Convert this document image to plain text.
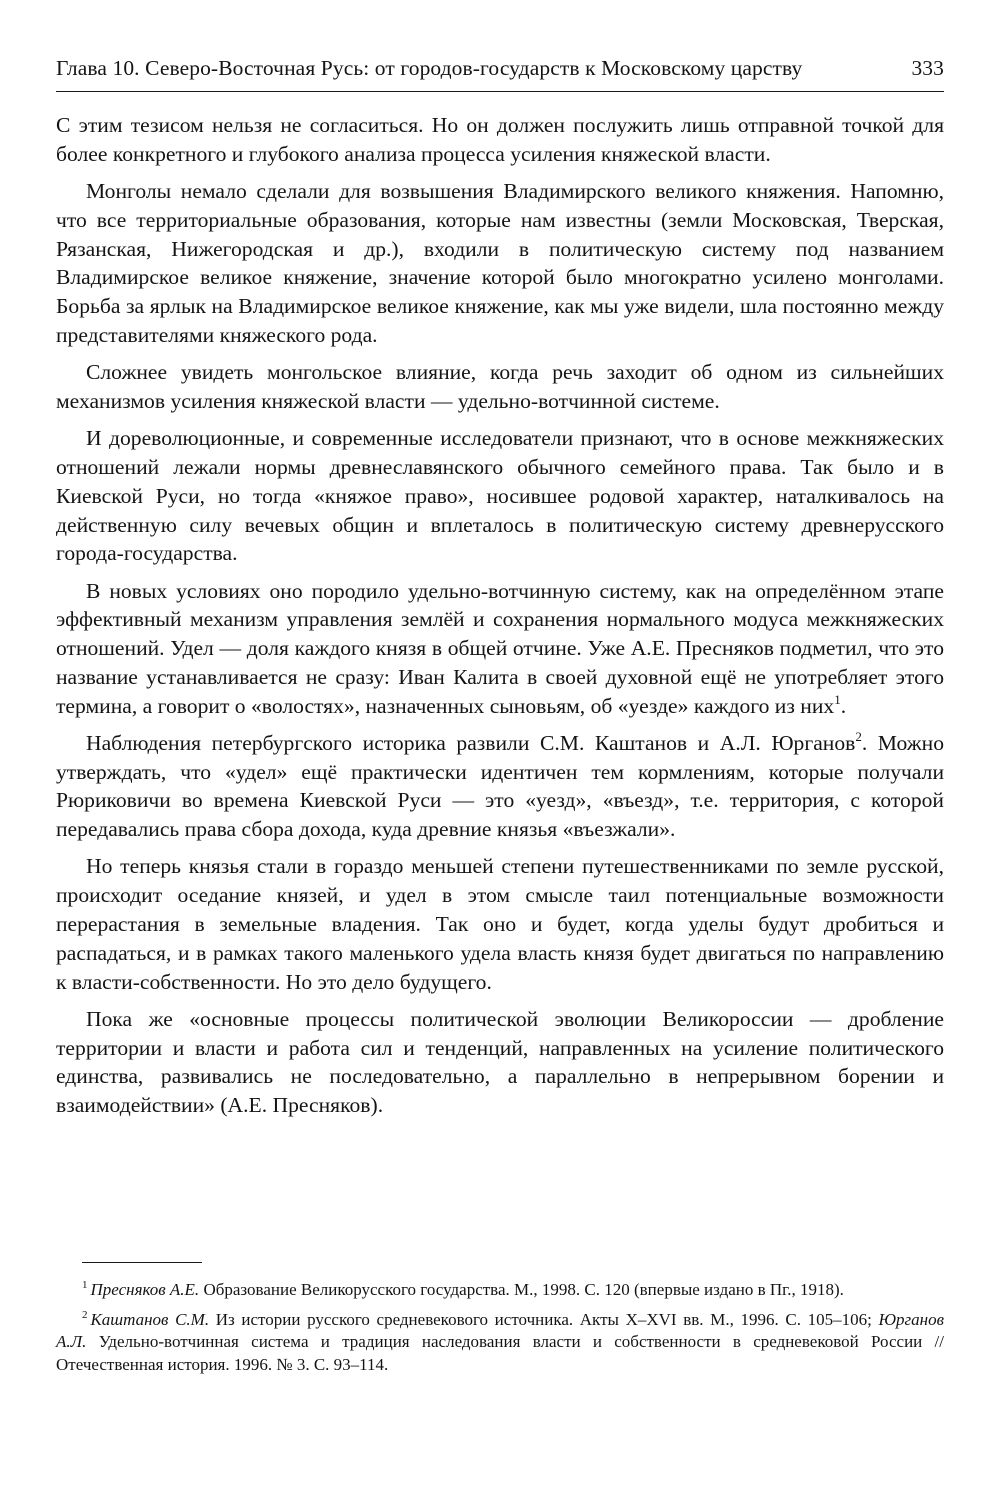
Глава 10. Северо-Восточная Русь: от городов-государств к Московскому царству	333

С этим тезисом нельзя не согласиться. Но он должен послужить лишь отправной точкой для более конкретного и глубокого анализа процесса усиления княжеской власти.

Монголы немало сделали для возвышения Владимирского великого княжения. Напомню, что все территориальные образования, которые нам известны (земли Московская, Тверская, Рязанская, Нижегородская и др.), входили в политическую систему под названием Владимирское великое княжение, значение которой было многократно усилено монголами. Борьба за ярлык на Владимирское великое княжение, как мы уже видели, шла постоянно между представителями княжеского рода.

Сложнее увидеть монгольское влияние, когда речь заходит об одном из сильнейших механизмов усиления княжеской власти — удельно-вотчинной системе.

И дореволюционные, и современные исследователи признают, что в основе межкняжеских отношений лежали нормы древнеславянского обычного семейного права. Так было и в Киевской Руси, но тогда «княжое право», носившее родовой характер, наталкивалось на действенную силу вечевых общин и вплеталось в политическую систему древнерусского города-государства.

В новых условиях оно породило удельно-вотчинную систему, как на определённом этапе эффективный механизм управления землёй и сохранения нормального модуса межкняжеских отношений. Удел — доля каждого князя в общей отчине. Уже А.Е. Пресняков подметил, что это название устанавливается не сразу: Иван Калита в своей духовной ещё не употребляет этого термина, а говорит о «волостях», назначенных сыновьям, об «уезде» каждого из них$^1$.

Наблюдения петербургского историка развили С.М. Каштанов и А.Л. Юрганов$^2$. Можно утверждать, что «удел» ещё практически идентичен тем кормлениям, которые получали Рюриковичи во времена Киевской Руси — это «уезд», «въезд», т.е. территория, с которой передавались права сбора дохода, куда древние князья «въезжали».

Но теперь князья стали в гораздо меньшей степени путешественниками по земле русской, происходит оседание князей, и удел в этом смысле таил потенциальные возможности перерастания в земельные владения. Так оно и будет, когда уделы будут дробиться и распадаться, и в рамках такого маленького удела власть князя будет двигаться по направлению к власти-собственности. Но это дело будущего.

Пока же «основные процессы политической эволюции Великороссии — дробление территории и власти и работа сил и тенденций, направленных на усиление политического единства, развивались не последовательно, а параллельно в непрерывном борении и взаимодействии» (А.Е. Пресняков).

$^1$ Пресняков А.Е. Образование Великорусского государства. М., 1998. С. 120 (впервые издано в Пг., 1918).

$^2$ Каштанов С.М. Из истории русского средневекового источника. Акты X–XVI вв. М., 1996. С. 105–106; Юрганов А.Л. Удельно-вотчинная система и традиция наследования власти и собственности в средневековой России // Отечественная история. 1996. № 3. С. 93–114.
